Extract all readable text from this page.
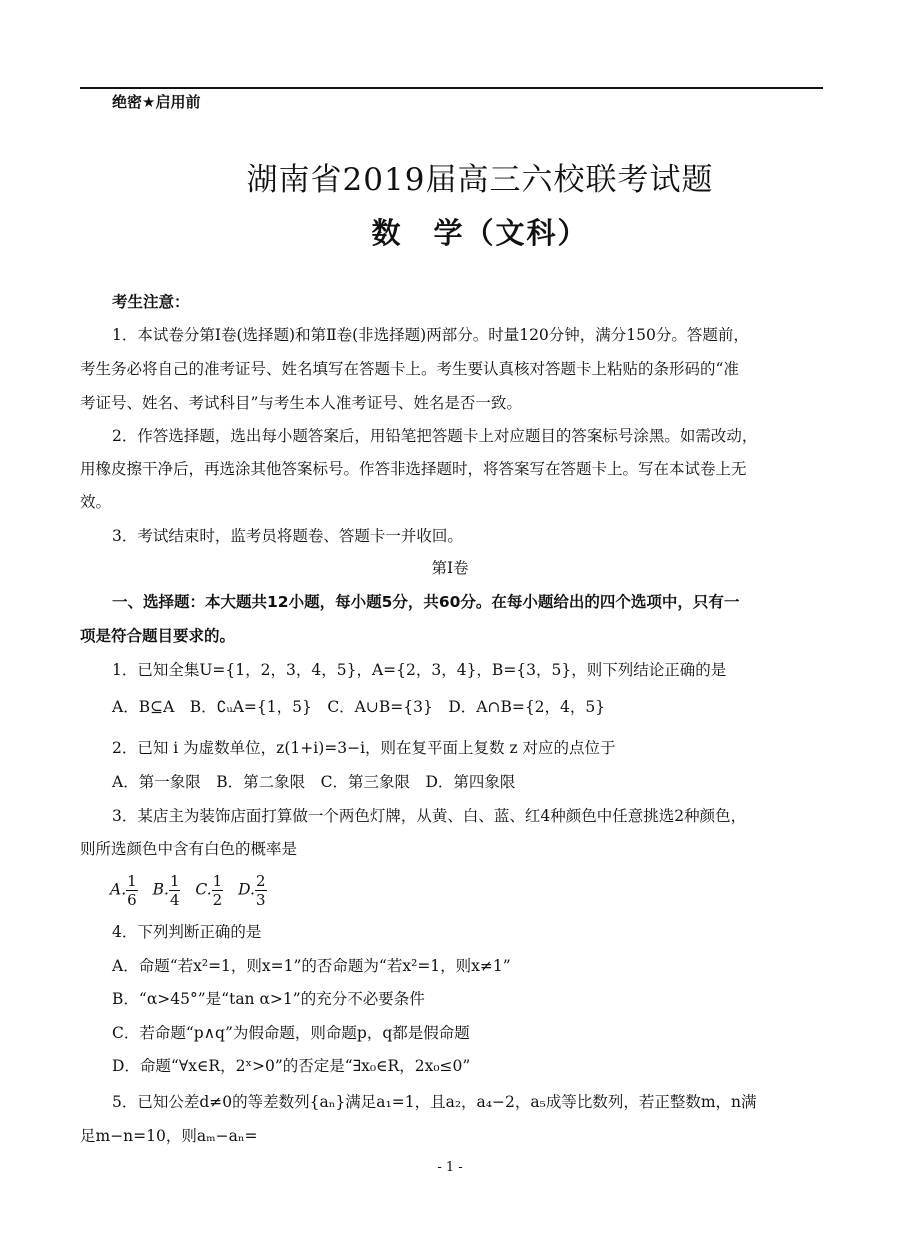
绝密★启用前
湖南省2019届高三六校联考试题
数　学（文科）
考生注意：
1．本试卷分第Ⅰ卷(选择题)和第Ⅱ卷(非选择题)两部分。时量120分钟，满分150分。答题前，
考生务必将自己的准考证号、姓名填写在答题卡上。考生要认真核对答题卡上粘贴的条形码的“准
考证号、姓名、考试科目”与考生本人准考证号、姓名是否一致。
2．作答选择题，选出每小题答案后，用铅笔把答题卡上对应题目的答案标号涂黑。如需改动，
用橡皮擦干净后，再选涂其他答案标号。作答非选择题时，将答案写在答题卡上。写在本试卷上无
效。
3．考试结束时，监考员将题卷、答题卡一并收回。
第Ⅰ卷
一、选择题：本大题共12小题，每小题5分，共60分。在每小题给出的四个选项中，只有一
项是符合题目要求的。
1．已知全集U={1，2，3，4，5}，A={2，3，4}，B={3，5}，则下列结论正确的是
A．B⊆A　B．∁ᵤA={1，5}　C．A∪B={3}　D．A∩B={2，4，5}
2．已知 i 为虚数单位，z(1+i)=3−i，则在复平面上复数 z 对应的点位于
A．第一象限　B．第二象限　C．第三象限　D．第四象限
3．某店主为装饰店面打算做一个两色灯牌，从黄、白、蓝、红4种颜色中任意挑选2种颜色，
则所选颜色中含有白色的概率是
A. $\frac{1}{6} B$. $\frac{1}{4} C$. $\frac{1}{2} D$. $\frac{2}{3}$
4．下列判断正确的是
A．命题“若x²=1，则x=1”的否命题为“若x²=1，则x≠1”
B．“α>45°”是“tan α>1”的充分不必要条件
C．若命题“p∧q”为假命题，则命题p，q都是假命题
D．命题“∀x∈R，2ˣ>0”的否定是“∃x₀∈R，2x₀≤0”
5．已知公差d≠0的等差数列{aₙ}满足a₁=1，且a₂，a₄−2，a₅成等比数列，若正整数m，n满
足m−n=10，则aₘ−aₙ=
- 1 -
